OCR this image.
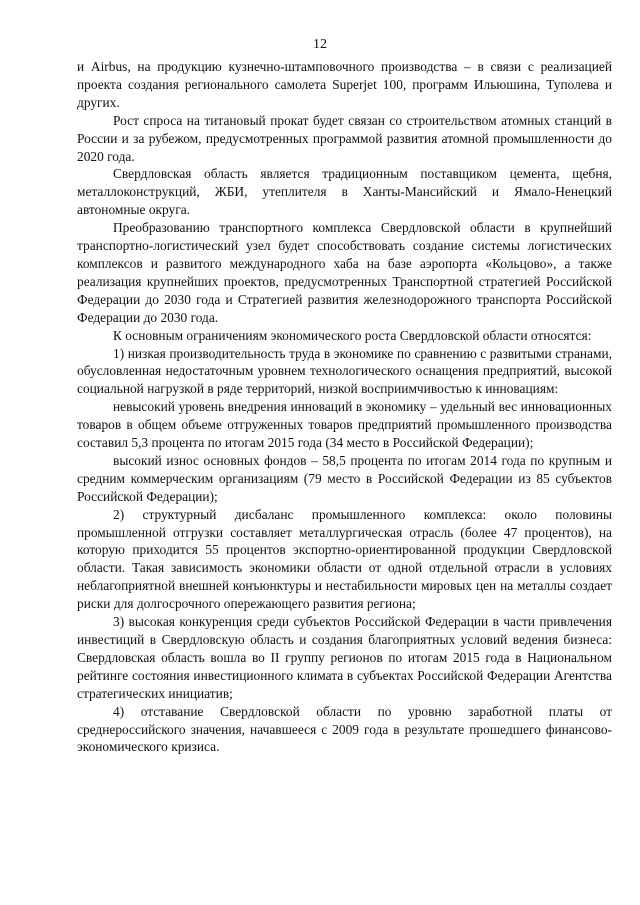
12

и Airbus, на продукцию кузнечно-штамповочного производства – в связи с реализацией проекта создания регионального самолета Superjet 100, программ Ильюшина, Туполева и других.

Рост спроса на титановый прокат будет связан со строительством атомных станций в России и за рубежом, предусмотренных программой развития атомной промышленности до 2020 года.

Свердловская область является традиционным поставщиком цемента, щебня, металлоконструкций, ЖБИ, утеплителя в Ханты-Мансийский и Ямало-Ненецкий автономные округа.

Преобразованию транспортного комплекса Свердловской области в крупнейший транспортно-логистический узел будет способствовать создание системы логистических комплексов и развитого международного хаба на базе аэропорта «Кольцово», а также реализация крупнейших проектов, предусмотренных Транспортной стратегией Российской Федерации до 2030 года и Стратегией развития железнодорожного транспорта Российской Федерации до 2030 года.

К основным ограничениям экономического роста Свердловской области относятся:

1) низкая производительность труда в экономике по сравнению с развитыми странами, обусловленная недостаточным уровнем технологического оснащения предприятий, высокой социальной нагрузкой в ряде территорий, низкой восприимчивостью к инновациям:

невысокий уровень внедрения инноваций в экономику – удельный вес инновационных товаров в общем объеме отгруженных товаров предприятий промышленного производства составил 5,3 процента по итогам 2015 года (34 место в Российской Федерации);

высокий износ основных фондов – 58,5 процента по итогам 2014 года по крупным и средним коммерческим организациям (79 место в Российской Федерации из 85 субъектов Российской Федерации);

2) структурный дисбаланс промышленного комплекса: около половины промышленной отгрузки составляет металлургическая отрасль (более 47 процентов), на которую приходится 55 процентов экспортно-ориентированной продукции Свердловской области. Такая зависимость экономики области от одной отдельной отрасли в условиях неблагоприятной внешней конъюнктуры и нестабильности мировых цен на металлы создает риски для долгосрочного опережающего развития региона;

3) высокая конкуренция среди субъектов Российской Федерации в части привлечения инвестиций в Свердловскую область и создания благоприятных условий ведения бизнеса: Свердловская область вошла во II группу регионов по итогам 2015 года в Национальном рейтинге состояния инвестиционного климата в субъектах Российской Федерации Агентства стратегических инициатив;

4) отставание Свердловской области по уровню заработной платы от среднероссийского значения, начавшееся с 2009 года в результате прошедшего финансово-экономического кризиса.
